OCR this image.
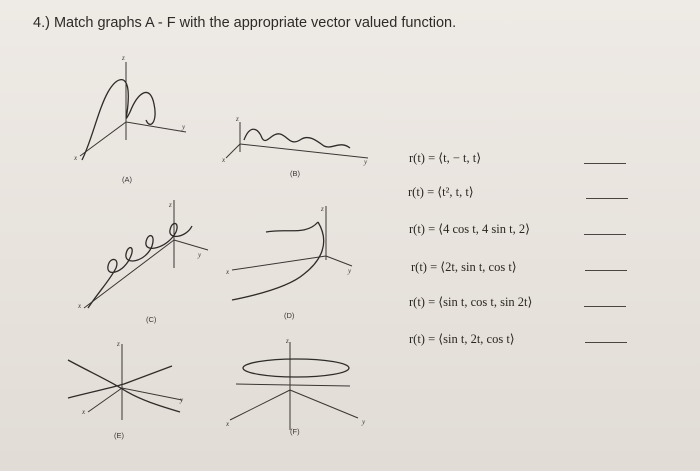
4.) Match graphs A - F with the appropriate vector valued function.
z
x
y
(A)
z
x	y
(B)
z
x
y
(C)
z
x	y
(D)
z
x
y
(E)
z
x	y
(F)
r(t) = ⟨t, − t, t⟩
r(t) = ⟨t², t, t⟩
r(t) = ⟨4 cos t, 4 sin t, 2⟩
r(t) = ⟨2t, sin t, cos t⟩
r(t) = ⟨sin t, cos t, sin 2t⟩
r(t) = ⟨sin t, 2t, cos t⟩
